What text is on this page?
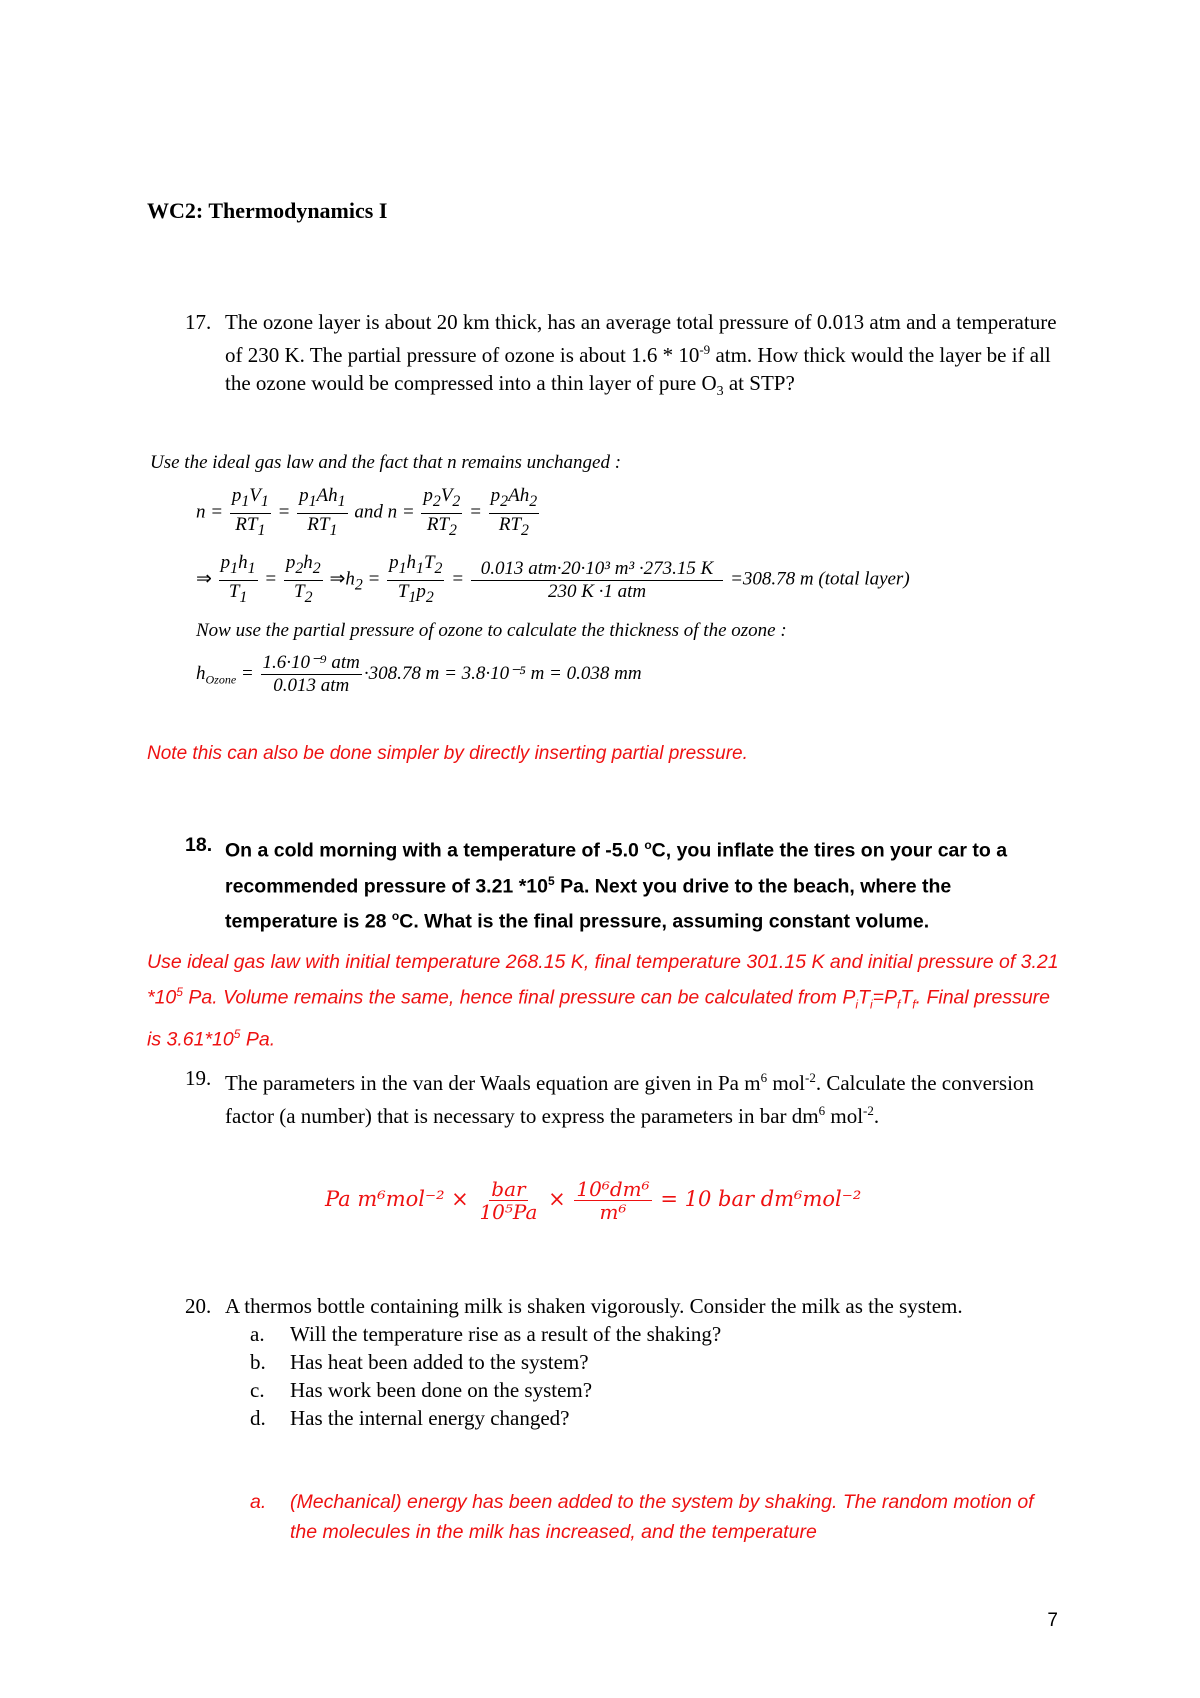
WC2: Thermodynamics I
17. The ozone layer is about 20 km thick, has an average total pressure of 0.013 atm and a temperature of 230 K. The partial pressure of ozone is about $1.6 * 10^{-9}$ atm. How thick would the layer be if all the ozone would be compressed into a thin layer of pure $O_3$ at STP?
Use the ideal gas law and the fact that n remains unchanged :
$n = \frac{p_1V_1}{RT_1} = \frac{p_1Ah_1}{RT_1}$ and $n = \frac{p_2V_2}{RT_2} = \frac{p_2Ah_2}{RT_2}$
⇒ $\frac{p_1h_1}{T_1} = \frac{p_2h_2}{T_2}$ $\Rightarrow h_2 = \frac{p_1h_1T_2}{T_1p_2} = \frac{\text{0.013 atm·20·10³ m³ ·273.15 K}}{\text{230 K ·1 atm}} =308.78$ m (total layer)
Now use the partial pressure of ozone to calculate the thickness of the ozone :
$h_{Ozone} = \frac{\text{1.6·10⁻⁹ atm}}{\text{0.013 atm}} \cdot 308.78$ m = 3.8·10⁻⁵ m = 0.038 mm
Note this can also be done simpler by directly inserting partial pressure.
18. On a cold morning with a temperature of -5.0 $^o$C, you inflate the tires on your car to a recommended pressure of 3.21 $*10^5$ Pa. Next you drive to the beach, where the temperature is 28 $^o$C. What is the final pressure, assuming constant volume.
Use ideal gas law with initial temperature 268.15 K, final temperature 301.15 K and initial pressure of 3.21 $*10^5$ Pa. Volume remains the same, hence final pressure can be calculated from $P_iT_i=P_fT_f$. Final pressure is $3.61*10^5$ Pa.
19. The parameters in the van der Waals equation are given in Pa $m^6$ mol$^{-2}$. Calculate the conversion factor (a number) that is necessary to express the parameters in bar $dm^6$ mol$^{-2}$.
Pa $m^6mol^{-2} \times \frac{\text{bar}}{\text{10⁵Pa}} \times \frac{\text{10⁶dm⁶}}{\text{m⁶}} = 10$ bar dm⁶mol⁻²
20. A thermos bottle containing milk is shaken vigorously. Consider the milk as the system.
a.	Will the temperature rise as a result of the shaking?
b.	Has heat been added to the system?
c.	Has work been done on the system?
d.	Has the internal energy changed?
a.	(Mechanical) energy has been added to the system by shaking. The random motion of the molecules in the milk has increased, and the temperature
7
